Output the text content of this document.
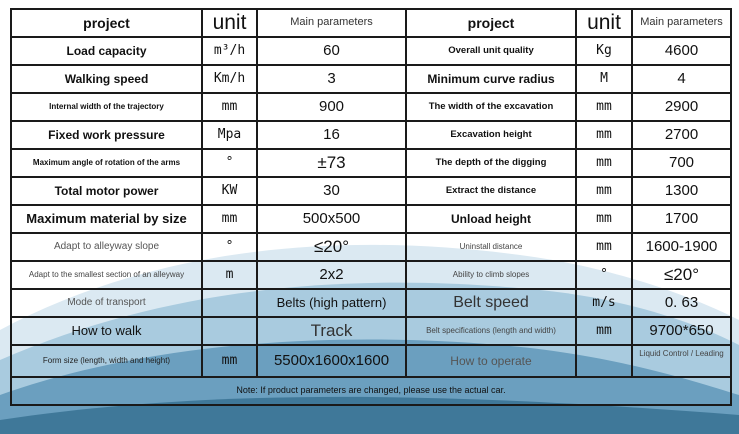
project	unit	Main parameters	project	unit	Main parameters
Load capacity	m³/h	60	Overall unit quality	Kg	4600
Walking speed	Km/h	3	Minimum curve radius	M	4
Internal width of the trajectory	mm	900	The width of the excavation	mm	2900
Fixed work pressure	Mpa	16	Excavation height	mm	2700
Maximum angle of rotation of the arms	°	±73	The depth of the digging	mm	700
Total motor power	KW	30	Extract the distance	mm	1300
Maximum material by size	mm	500x500	Unload height	mm	1700
Adapt to alleyway slope	°	≤20°	Uninstall distance	mm	1600-1900
Adapt to the smallest section of an alleyway	m	2x2	Ability to climb slopes	°	≤20°
Mode of transport		Belts (high pattern)	Belt speed	m/s	0. 63
How to walk		Track	Belt specifications (length and width)	mm	9700*650
Form size (length, width and height)	mm	5500x1600x1600	How to operate		Liquid Control / Leading
Note: If product parameters are changed, please use the actual car.					
